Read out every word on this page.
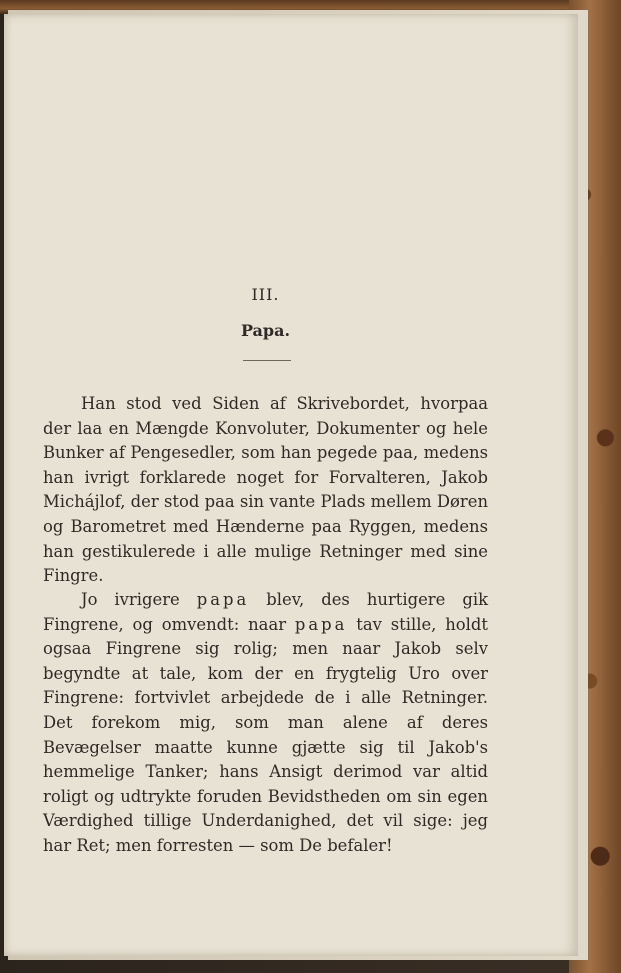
III.
Papa.

Han stod ved Siden af Skrivebordet, hvorpaa der laa en Mængde Konvoluter, Dokumenter og hele Bunker af Pengesedler, som han pegede paa, medens han ivrigt forklarede noget for Forvalteren, Jakob Michájlof, der stod paa sin vante Plads mellem Døren og Barometret med Hænderne paa Ryggen, medens han gestikulerede i alle mulige Retninger med sine Fingre.

Jo ivrigere papa blev, des hurtigere gik Fingrene, og omvendt: naar papa tav stille, holdt ogsaa Fingrene sig rolig; men naar Jakob selv begyndte at tale, kom der en frygtelig Uro over Fingrene: fortvivlet arbejdede de i alle Retninger. Det forekom mig, som man alene af deres Bevægelser maatte kunne gjætte sig til Jakob's hemmelige Tanker; hans Ansigt derimod var altid roligt og udtrykte foruden Bevidstheden om sin egen Værdighed tillige Underdanighed, det vil sige: jeg har Ret; men forresten — som De befaler!
